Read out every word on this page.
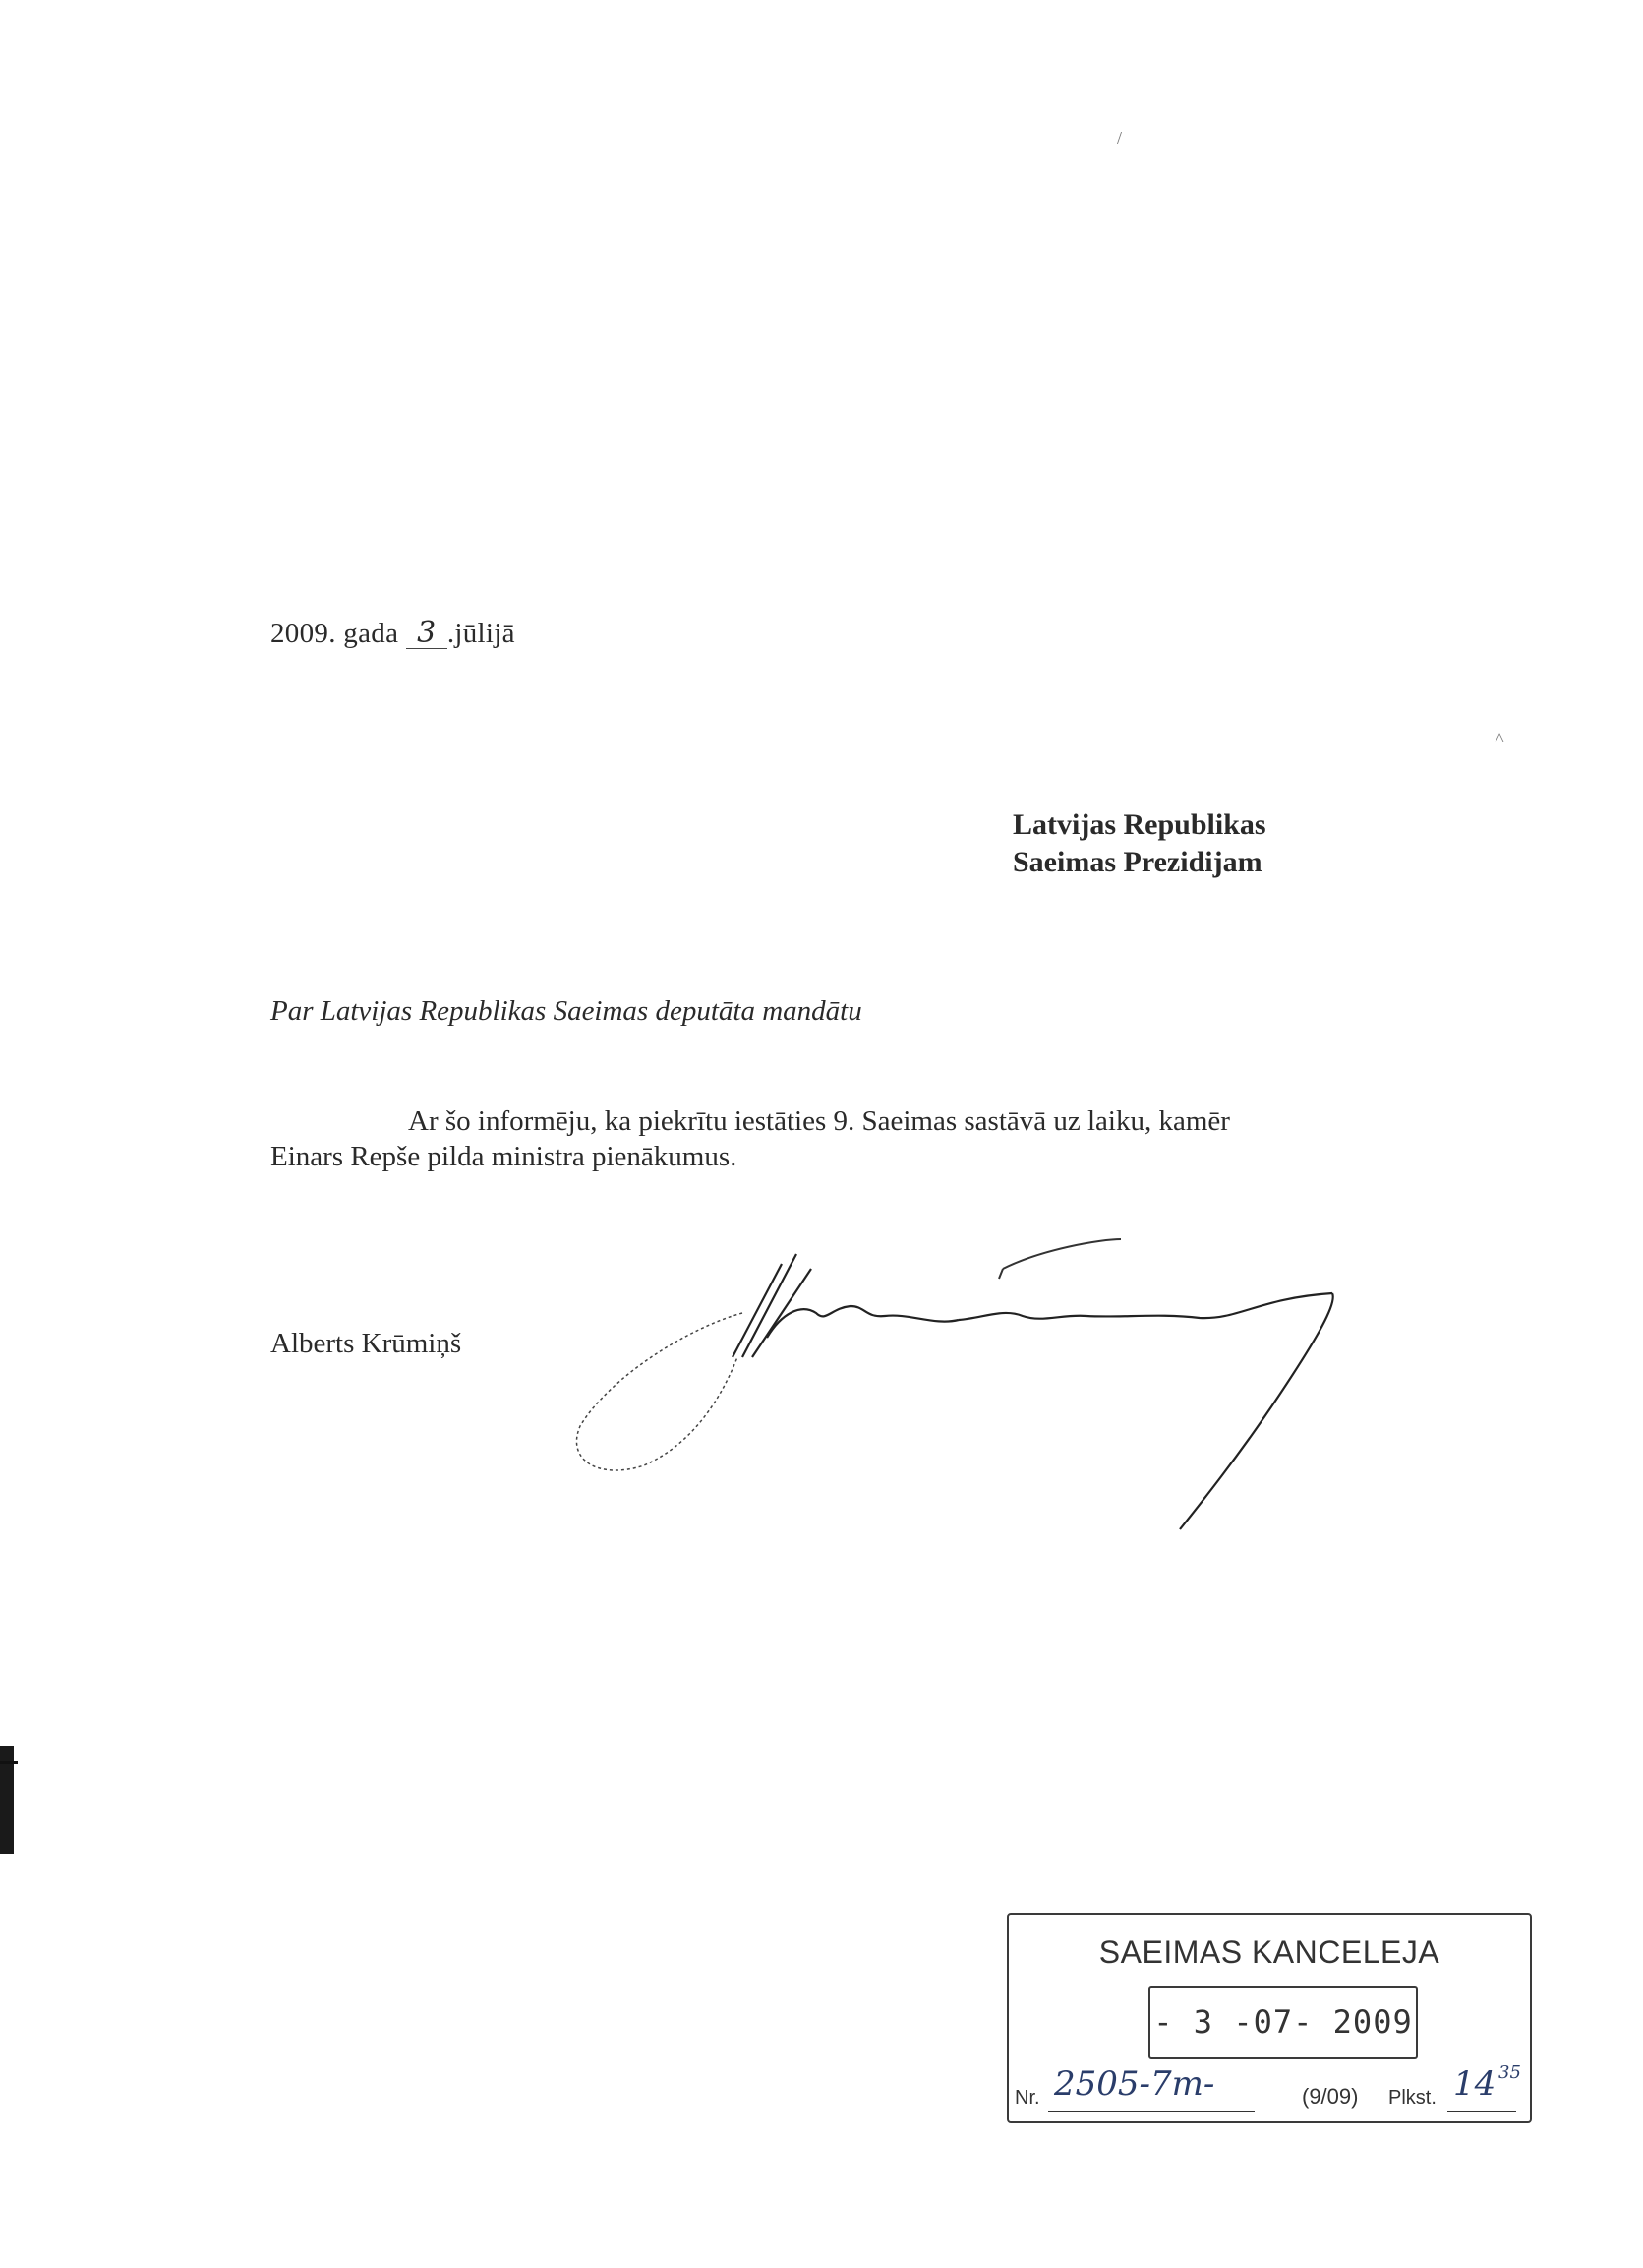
/
˄
2009. gada 3 .jūlijā
Latvijas Republikas
Saeimas Prezidijam
Par Latvijas Republikas Saeimas deputāta mandātu
Ar šo informēju, ka piekrītu iestāties 9. Saeimas sastāvā uz laiku, kamēr
Einars Repše pilda ministra pienākumus.
Alberts Krūmiņš
SAEIMAS KANCELEJA
- 3 -07- 2009
Nr. 2505-7m-	(9/09) Plkst. 14 35
